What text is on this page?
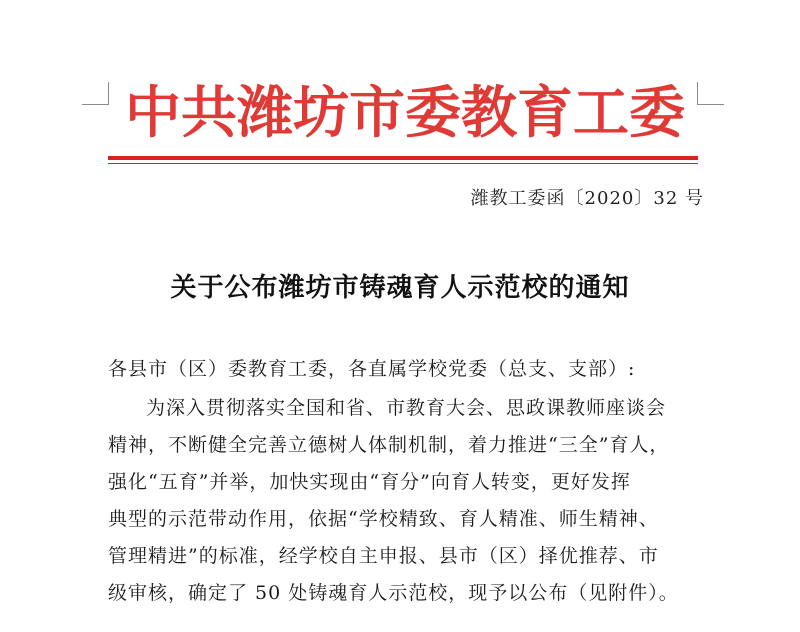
中共潍坊市委教育工委
潍教工委函〔2020〕32 号
关于公布潍坊市铸魂育人示范校的通知
各县市（区）委教育工委，各直属学校党委（总支、支部）:
为深入贯彻落实全国和省、市教育大会、思政课教师座谈会
精神，不断健全完善立德树人体制机制，着力推进“三全”育人，
强化“五育”并举，加快实现由“育分”向育人转变，更好发挥
典型的示范带动作用，依据“学校精致、育人精准、师生精神、
管理精进”的标准，经学校自主申报、县市（区）择优推荐、市
级审核，确定了 50 处铸魂育人示范校，现予以公布（见附件）。
